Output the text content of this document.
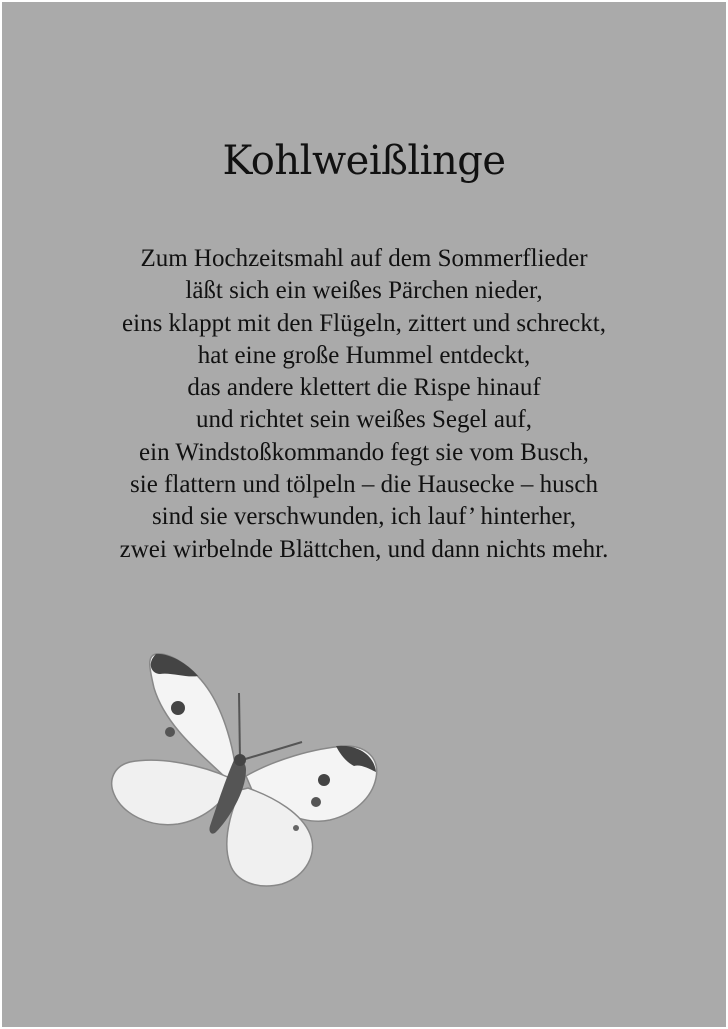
Kohlweißlinge
Zum Hochzeitsmahl auf dem Sommerflieder
läßt sich ein weißes Pärchen nieder,
eins klappt mit den Flügeln, zittert und schreckt,
hat eine große Hummel entdeckt,
das andere klettert die Rispe hinauf
und richtet sein weißes Segel auf,
ein Windstoßkommando fegt sie vom Busch,
sie flattern und tölpeln – die Hausecke – husch
sind sie verschwunden, ich lauf’ hinterher,
zwei wirbelnde Blättchen, und dann nichts mehr.
